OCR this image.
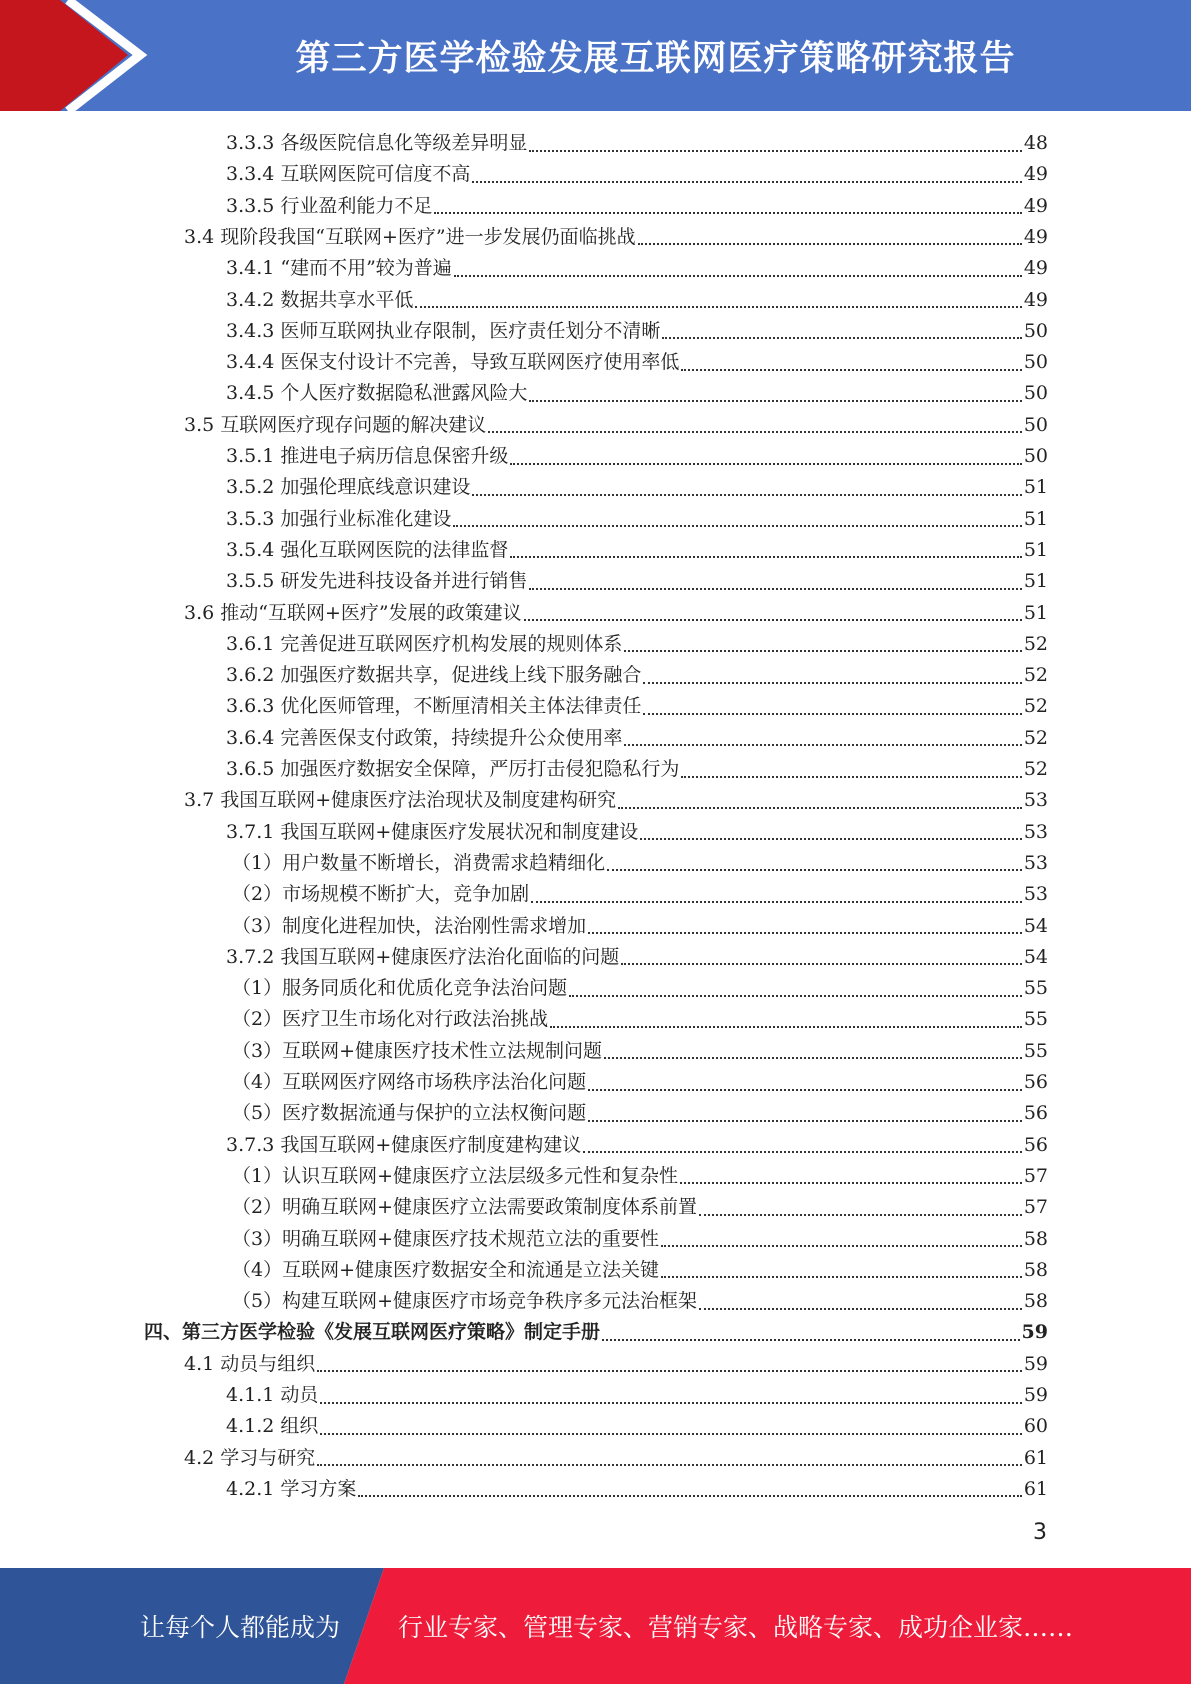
第三方医学检验发展互联网医疗策略研究报告
3.3.3 各级医院信息化等级差异明显	48
3.3.4 互联网医院可信度不高	49
3.3.5 行业盈利能力不足	49
3.4 现阶段我国“互联网+医疗”进一步发展仍面临挑战	49
3.4.1 “建而不用”较为普遍	49
3.4.2 数据共享水平低	49
3.4.3 医师互联网执业存限制，医疗责任划分不清晰	50
3.4.4 医保支付设计不完善，导致互联网医疗使用率低	50
3.4.5 个人医疗数据隐私泄露风险大	50
3.5 互联网医疗现存问题的解决建议	50
3.5.1 推进电子病历信息保密升级	50
3.5.2 加强伦理底线意识建设	51
3.5.3 加强行业标准化建设	51
3.5.4 强化互联网医院的法律监督	51
3.5.5 研发先进科技设备并进行销售	51
3.6 推动“互联网+医疗”发展的政策建议	51
3.6.1 完善促进互联网医疗机构发展的规则体系	52
3.6.2 加强医疗数据共享，促进线上线下服务融合	52
3.6.3 优化医师管理，不断厘清相关主体法律责任	52
3.6.4 完善医保支付政策，持续提升公众使用率	52
3.6.5 加强医疗数据安全保障，严厉打击侵犯隐私行为	52
3.7 我国互联网+健康医疗法治现状及制度建构研究	53
3.7.1 我国互联网+健康医疗发展状况和制度建设	53
（1）用户数量不断增长，消费需求趋精细化	53
（2）市场规模不断扩大，竞争加剧	53
（3）制度化进程加快，法治刚性需求增加	54
3.7.2 我国互联网+健康医疗法治化面临的问题	54
（1）服务同质化和优质化竞争法治问题	55
（2）医疗卫生市场化对行政法治挑战	55
（3）互联网+健康医疗技术性立法规制问题	55
（4）互联网医疗网络市场秩序法治化问题	56
（5）医疗数据流通与保护的立法权衡问题	56
3.7.3 我国互联网+健康医疗制度建构建议	56
（1）认识互联网+健康医疗立法层级多元性和复杂性	57
（2）明确互联网+健康医疗立法需要政策制度体系前置	57
（3）明确互联网+健康医疗技术规范立法的重要性	58
（4）互联网+健康医疗数据安全和流通是立法关键	58
（5）构建互联网+健康医疗市场竞争秩序多元法治框架	58
四、第三方医学检验《发展互联网医疗策略》制定手册	59
4.1 动员与组织	59
4.1.1 动员	59
4.1.2 组织	60
4.2 学习与研究	61
4.2.1 学习方案	61
3
让每个人都能成为 行业专家、管理专家、营销专家、战略专家、成功企业家……
